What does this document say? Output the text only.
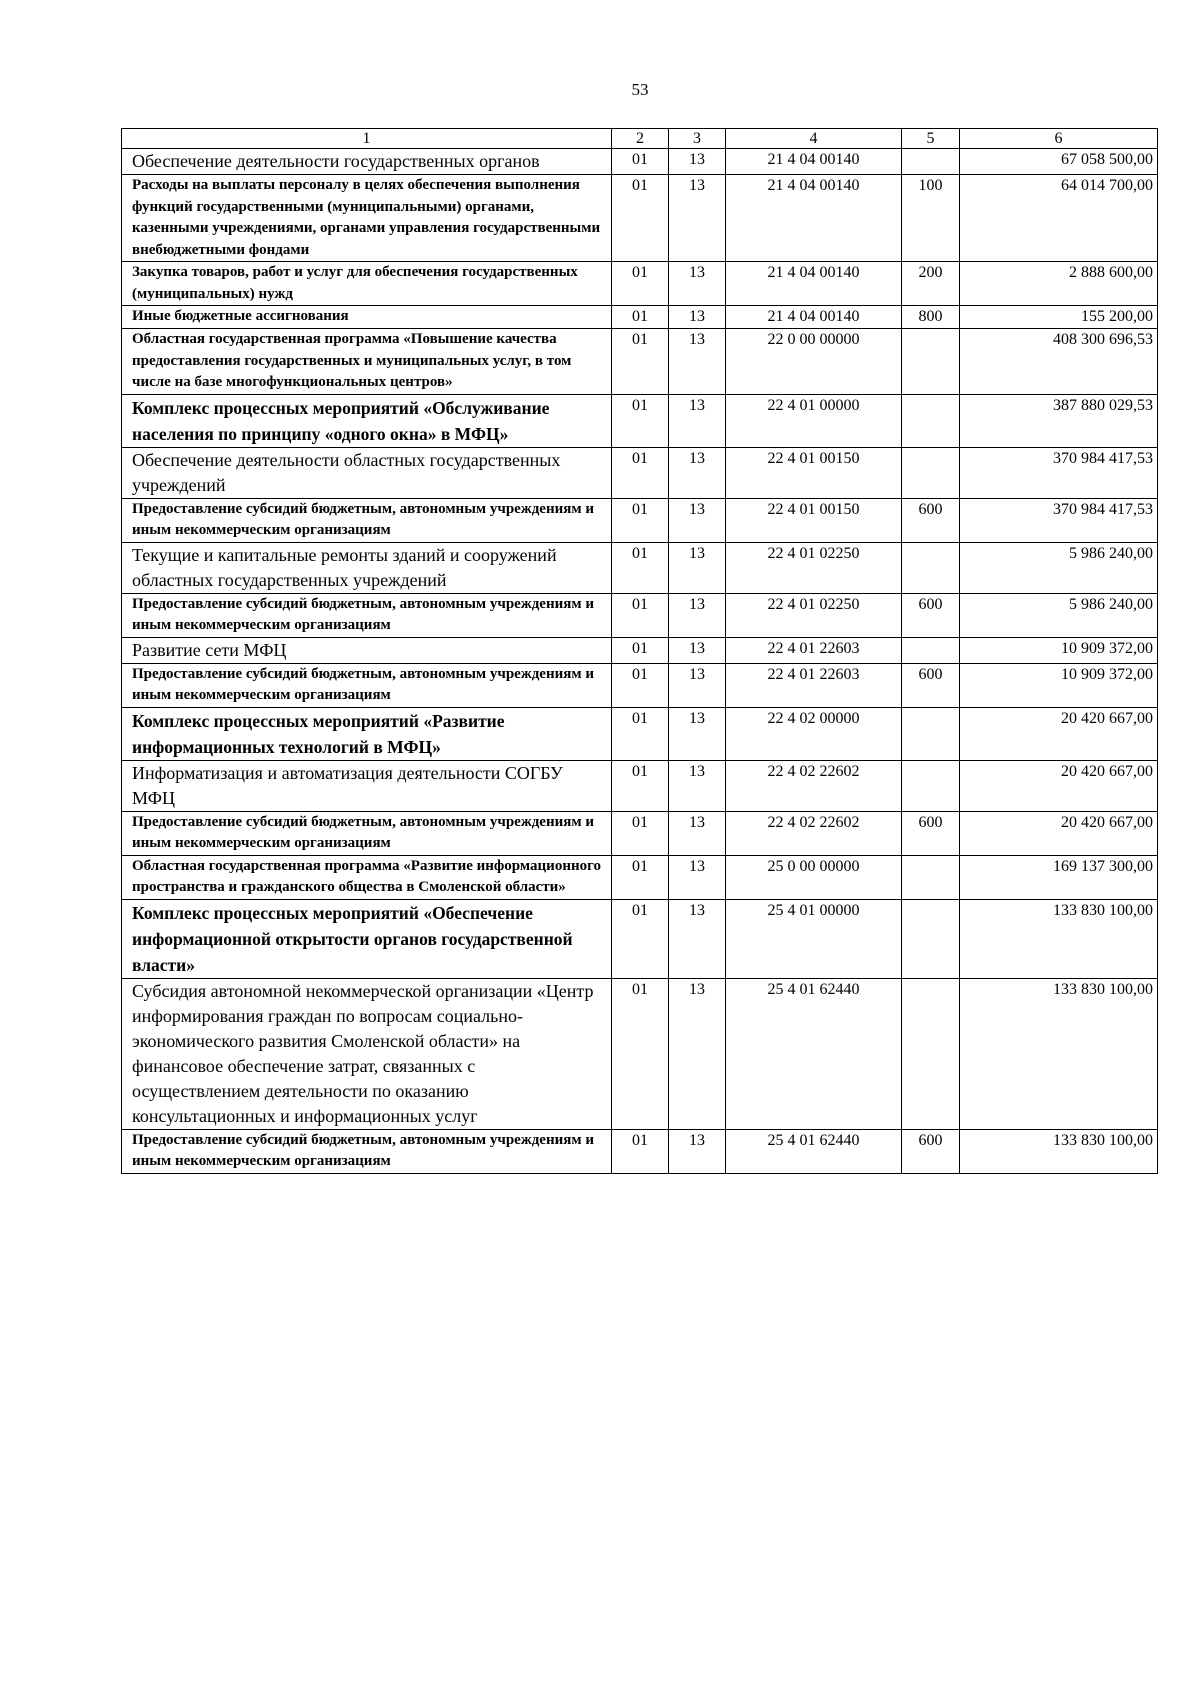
53
1	2	3	4	5	6
Обеспечение деятельности государственных органов	01	13	21 4 04 00140		67 058 500,00
Расходы на выплаты персоналу в целях обеспечения выполнения функций государственными (муниципальными) органами, казенными учреждениями, органами управления государственными внебюджетными фондами	01	13	21 4 04 00140	100	64 014 700,00
Закупка товаров, работ и услуг для обеспечения государственных (муниципальных) нужд	01	13	21 4 04 00140	200	2 888 600,00
Иные бюджетные ассигнования	01	13	21 4 04 00140	800	155 200,00
Областная государственная программа «Повышение качества предоставления государственных и муниципальных услуг, в том числе на базе многофункциональных центров»	01	13	22 0 00 00000		408 300 696,53
Комплекс процессных мероприятий «Обслуживание населения по принципу «одного окна» в МФЦ»	01	13	22 4 01 00000		387 880 029,53
Обеспечение деятельности областных государственных учреждений	01	13	22 4 01 00150		370 984 417,53
Предоставление субсидий бюджетным, автономным учреждениям и иным некоммерческим организациям	01	13	22 4 01 00150	600	370 984 417,53
Текущие и капитальные ремонты зданий и сооружений областных государственных учреждений	01	13	22 4 01 02250		5 986 240,00
Предоставление субсидий бюджетным, автономным учреждениям и иным некоммерческим организациям	01	13	22 4 01 02250	600	5 986 240,00
Развитие сети МФЦ	01	13	22 4 01 22603		10 909 372,00
Предоставление субсидий бюджетным, автономным учреждениям и иным некоммерческим организациям	01	13	22 4 01 22603	600	10 909 372,00
Комплекс процессных мероприятий «Развитие информационных технологий в МФЦ»	01	13	22 4 02 00000		20 420 667,00
Информатизация и автоматизация деятельности СОГБУ МФЦ	01	13	22 4 02 22602		20 420 667,00
Предоставление субсидий бюджетным, автономным учреждениям и иным некоммерческим организациям	01	13	22 4 02 22602	600	20 420 667,00
Областная государственная программа «Развитие информационного пространства и гражданского общества в Смоленской области»	01	13	25 0 00 00000		169 137 300,00
Комплекс процессных мероприятий «Обеспечение информационной открытости органов государственной власти»	01	13	25 4 01 00000		133 830 100,00
Субсидия автономной некоммерческой организации «Центр информирования граждан по вопросам социально-экономического развития Смоленской области» на финансовое обеспечение затрат, связанных с осуществлением деятельности по оказанию консультационных и информационных услуг	01	13	25 4 01 62440		133 830 100,00
Предоставление субсидий бюджетным, автономным учреждениям и иным некоммерческим организациям	01	13	25 4 01 62440	600	133 830 100,00
